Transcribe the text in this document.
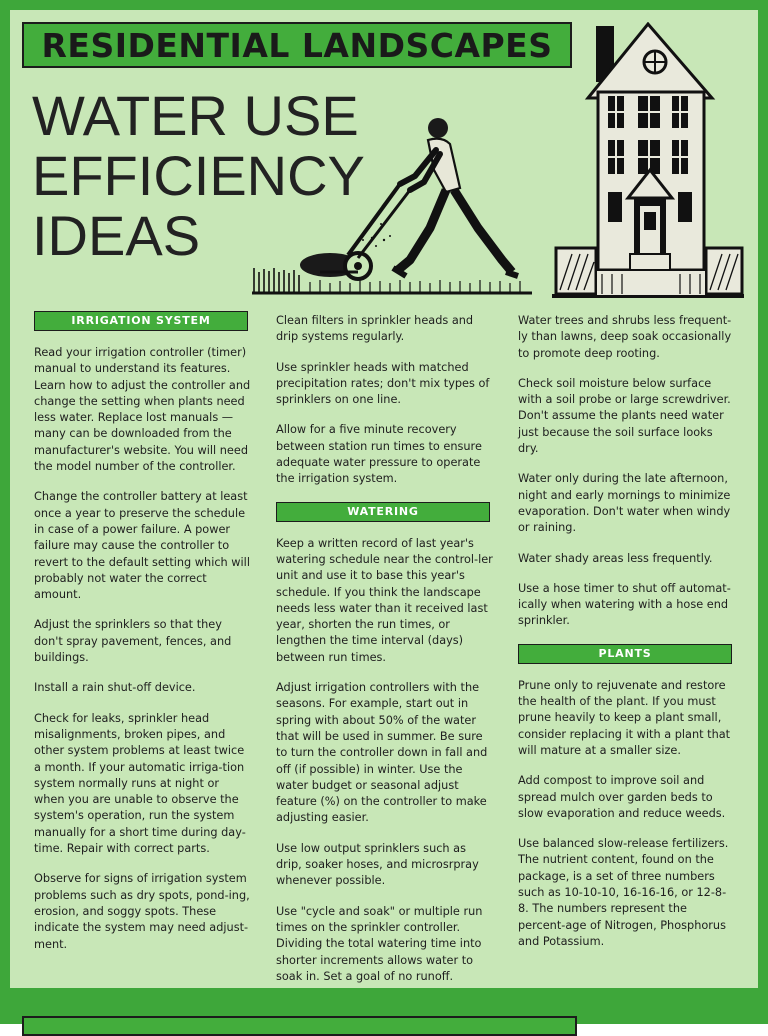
RESIDENTIAL LANDSCAPES
WATER USE
EFFICIENCY
IDEAS
IRRIGATION SYSTEM

Read your irrigation controller (timer) manual to understand its features. Learn how to adjust the controller and change the setting when plants need less water. Replace lost manuals — many can be downloaded from the manufacturer's website. You will need the model number of the controller.

Change the controller battery at least once a year to preserve the schedule in case of a power failure. A power failure may cause the controller to revert to the default setting which will probably not water the correct amount.

Adjust the sprinklers so that they don't spray pavement, fences, and buildings.

Install a rain shut-off device.

Check for leaks, sprinkler head misalignments, broken pipes, and other system problems at least twice a month. If your automatic irriga-tion system normally runs at night or when you are unable to observe the system's operation, run the system manually for a short time during day-time. Repair with correct parts.

Observe for signs of irrigation system problems such as dry spots, pond-ing, erosion, and soggy spots. These indicate the system may need adjust-ment.

Clean filters in sprinkler heads and drip systems regularly.

Use sprinkler heads with matched precipitation rates; don't mix types of sprinklers on one line.

Allow for a five minute recovery between station run times to ensure adequate water pressure to operate the irrigation system.

WATERING

Keep a written record of last year's watering schedule near the control-ler unit and use it to base this year's schedule. If you think the landscape needs less water than it received last year, shorten the run times, or lengthen the time interval (days) between run times.

Adjust irrigation controllers with the seasons. For example, start out in spring with about 50% of the water that will be used in summer. Be sure to turn the controller down in fall and off (if possible) in winter. Use the water budget or seasonal adjust feature (%) on the controller to make adjusting easier.

Use low output sprinklers such as drip, soaker hoses, and microsrpray whenever possible.

Use "cycle and soak" or multiple run times on the sprinkler controller. Dividing the total watering time into shorter increments allows water to soak in. Set a goal of no runoff.

Water trees and shrubs less frequent-ly than lawns, deep soak occasionally to promote deep rooting.

Check soil moisture below surface with a soil probe or large screwdriver. Don't assume the plants need water just because the soil surface looks dry.

Water only during the late afternoon, night and early mornings to minimize evaporation. Don't water when windy or raining.

Water shady areas less frequently.

Use a hose timer to shut off automat-ically when watering with a hose end sprinkler.

PLANTS

Prune only to rejuvenate and restore the health of the plant. If you must prune heavily to keep a plant small, consider replacing it with a plant that will mature at a smaller size.

Add compost to improve soil and spread mulch over garden beds to slow evaporation and reduce weeds.

Use balanced slow-release fertilizers. The nutrient content, found on the package, is a set of three numbers such as 10-10-10, 16-16-16, or 12-8-8. The numbers represent the percent-age of Nitrogen, Phosphorus and Potassium.
